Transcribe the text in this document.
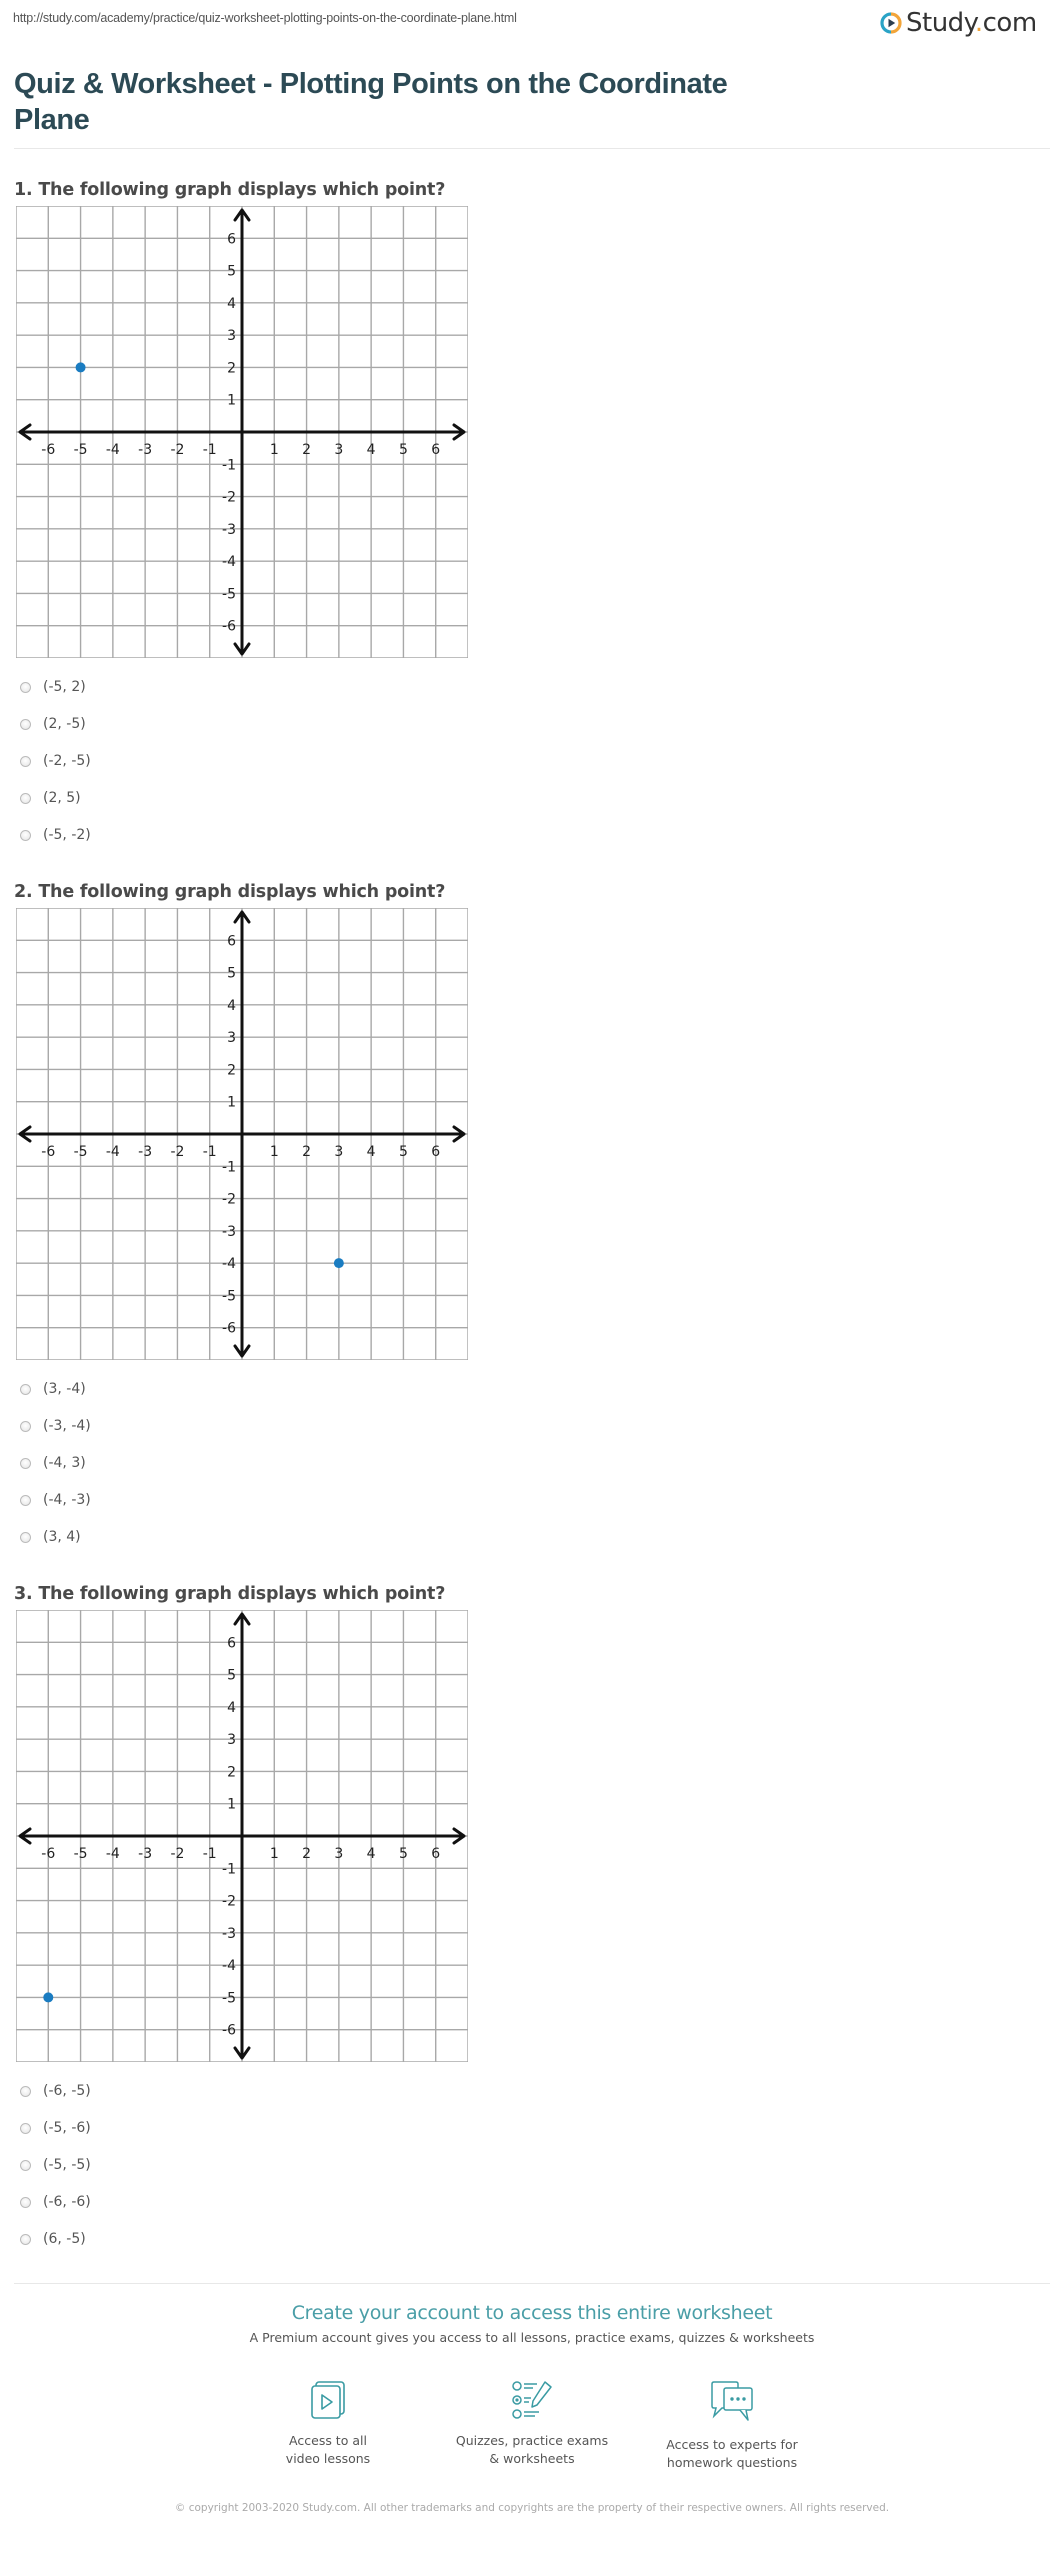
http://study.com/academy/practice/quiz-worksheet-plotting-points-on-the-coordinate-plane.html	Study.com
Quiz & Worksheet - Plotting Points on the Coordinate Plane
1. The following graph displays which point?
-6 -5 -4 -3 -2 -1	1 2 3 4 5 6
-6
-5
-4
-3
-2
-1
1
2
3
4
5
6
(-5, 2)
(2, -5)
(-2, -5)
(2, 5)
(-5, -2)
2. The following graph displays which point?
-6 -5 -4 -3 -2 -1	1 2 3 4 5 6
-6
-5
-4
-3
-2
-1
1
2
3
4
5
6
(3, -4)
(-3, -4)
(-4, 3)
(-4, -3)
(3, 4)
3. The following graph displays which point?
-6 -5 -4 -3 -2 -1	1 2 3 4 5 6
-6
-5
-4
-3
-2
-1
1
2
3
4
5
6
(-6, -5)
(-5, -6)
(-5, -5)
(-6, -6)
(6, -5)
Create your account to access this entire worksheet
A Premium account gives you access to all lessons, practice exams, quizzes & worksheets
Access to all
video lessons
Quizzes, practice exams
& worksheets
Access to experts for
homework questions
© copyright 2003-2020 Study.com. All other trademarks and copyrights are the property of their respective owners. All rights reserved.
